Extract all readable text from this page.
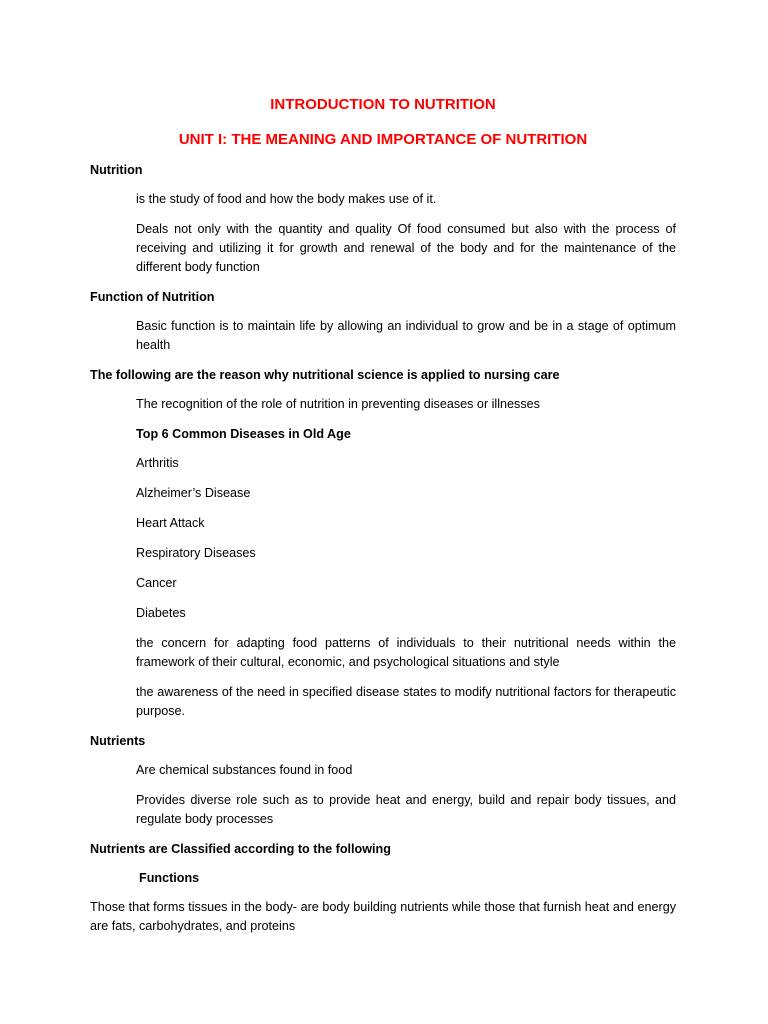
INTRODUCTION TO NUTRITION
UNIT I: THE MEANING AND IMPORTANCE OF NUTRITION
Nutrition
is the study of food and how the body makes use of it.
Deals not only with the quantity and quality Of food consumed but also with the process of receiving and utilizing it for growth and renewal of the body and for the maintenance of the different body function
Function of Nutrition
Basic function is to maintain life by allowing an individual to grow and be in a stage of optimum health
The following are the reason why nutritional science is applied to nursing care
The recognition of the role of nutrition in preventing diseases or illnesses
Top 6 Common Diseases in Old Age
Arthritis
Alzheimer’s Disease
Heart Attack
Respiratory Diseases
Cancer
Diabetes
the concern for adapting food patterns of individuals to their nutritional needs within the framework of their cultural, economic, and psychological situations and style
the awareness of the need in specified disease states to modify nutritional factors for therapeutic purpose.
Nutrients
Are chemical substances found in food
Provides diverse role such as to provide heat and energy, build and repair body tissues, and regulate body processes
Nutrients are Classified according to the following
Functions
Those that forms tissues in the body- are body building nutrients while those that furnish heat and energy are fats, carbohydrates, and proteins
